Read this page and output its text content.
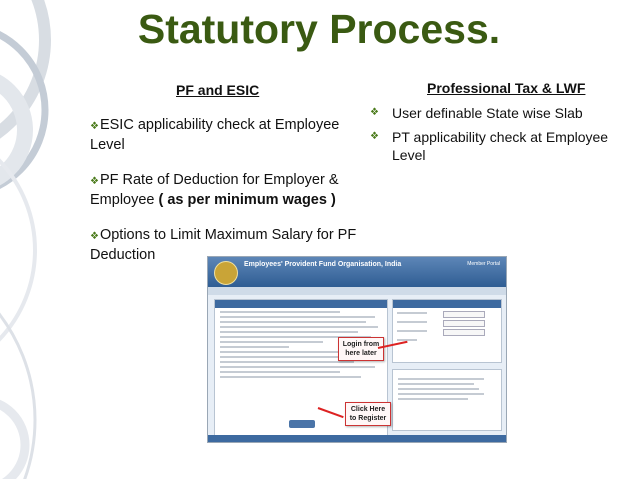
Statutory Process.
PF and ESIC	Professional Tax & LWF
❖ESIC applicability check at Employee Level
❖PF Rate of Deduction for Employer & Employee ( as per minimum wages )
❖Options to Limit Maximum Salary for PF Deduction
❖ User definable State wise Slab
❖ PT applicability check at Employee Level
Employees' Provident Fund Organisation, India	Member Portal
Login from here later
Click Here to Register
